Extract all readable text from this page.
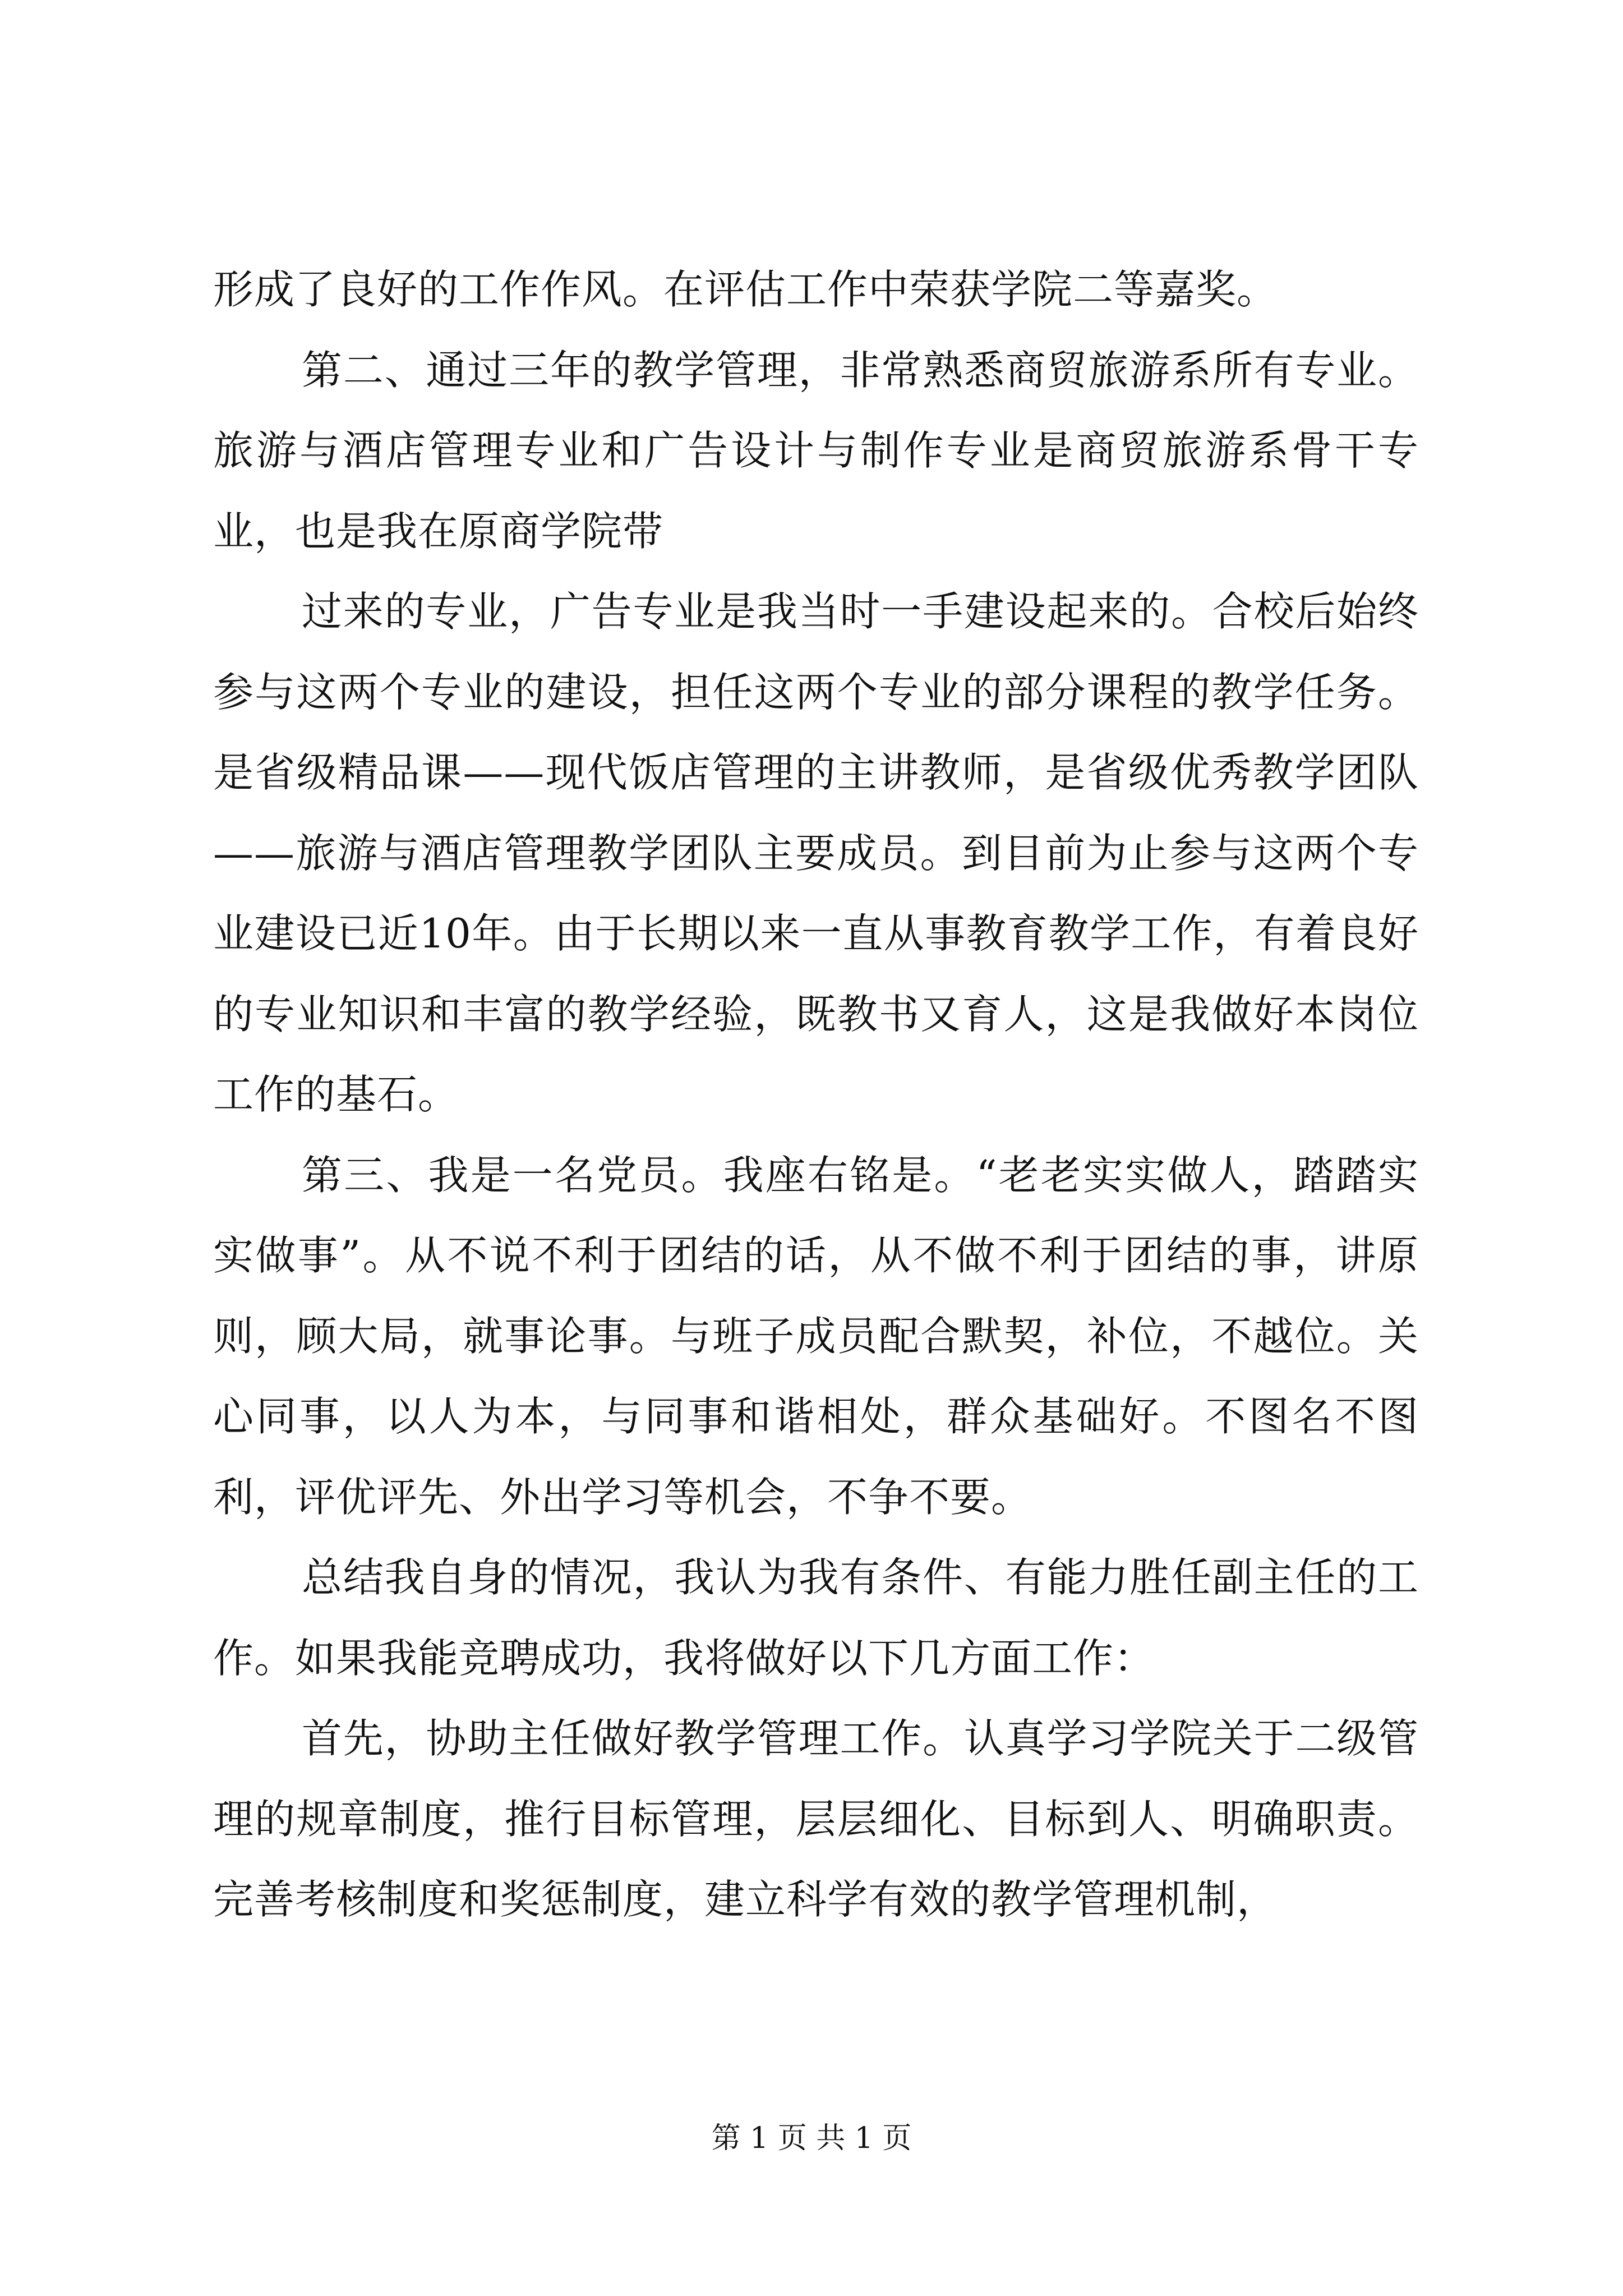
形成了良好的工作作风。在评估工作中荣获学院二等嘉奖。

第二、通过三年的教学管理，非常熟悉商贸旅游系所有专业。旅游与酒店管理专业和广告设计与制作专业是商贸旅游系骨干专业，也是我在原商学院带

过来的专业，广告专业是我当时一手建设起来的。合校后始终参与这两个专业的建设，担任这两个专业的部分课程的教学任务。是省级精品课——现代饭店管理的主讲教师，是省级优秀教学团队——旅游与酒店管理教学团队主要成员。到目前为止参与这两个专业建设已近10年。由于长期以来一直从事教育教学工作，有着良好的专业知识和丰富的教学经验，既教书又育人，这是我做好本岗位工作的基石。

第三、我是一名党员。我座右铭是。“老老实实做人，踏踏实实做事”。从不说不利于团结的话，从不做不利于团结的事，讲原则，顾大局，就事论事。与班子成员配合默契，补位，不越位。关心同事，以人为本，与同事和谐相处，群众基础好。不图名不图利，评优评先、外出学习等机会，不争不要。

总结我自身的情况，我认为我有条件、有能力胜任副主任的工作。如果我能竞聘成功，我将做好以下几方面工作：

首先，协助主任做好教学管理工作。认真学习学院关于二级管理的规章制度，推行目标管理，层层细化、目标到人、明确职责。完善考核制度和奖惩制度，建立科学有效的教学管理机制，

第 1 页 共 1 页
